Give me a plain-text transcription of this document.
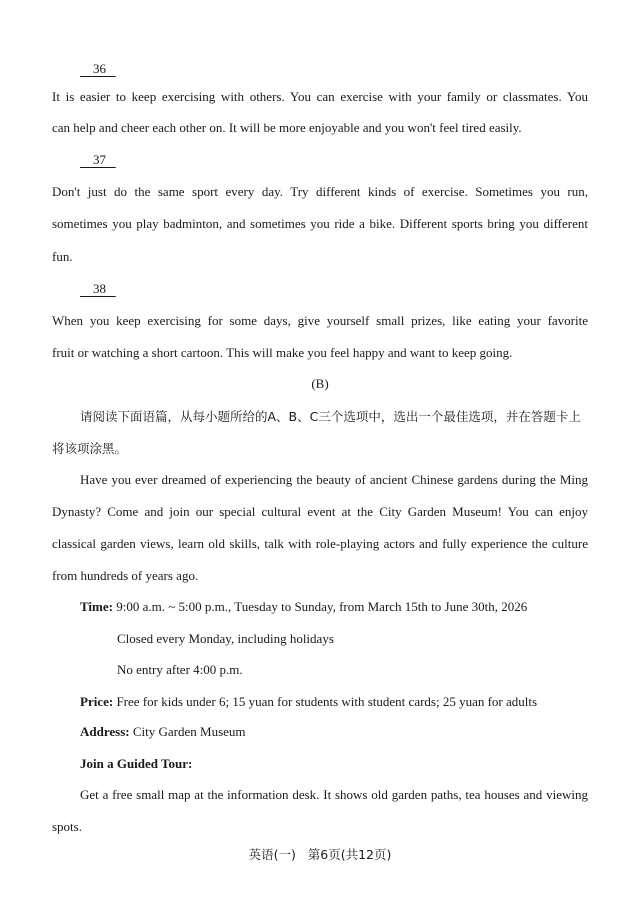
36
It is easier to keep exercising with others. You can exercise with your family or classmates. You
can help and cheer each other on. It will be more enjoyable and you won't feel tired easily.
37
Don't just do the same sport every day. Try different kinds of exercise. Sometimes you run,
sometimes you play badminton, and sometimes you ride a bike. Different sports bring you different
fun.
38
When you keep exercising for some days, give yourself small prizes, like eating your favorite
fruit or watching a short cartoon. This will make you feel happy and want to keep going.
(B)
请阅读下面语篇，从每小题所给的A、B、C三个选项中，选出一个最佳选项，并在答题卡上
将该项涂黑。
Have you ever dreamed of experiencing the beauty of ancient Chinese gardens during the Ming
Dynasty? Come and join our special cultural event at the City Garden Museum! You can enjoy
classical garden views, learn old skills, talk with role-playing actors and fully experience the culture
from hundreds of years ago.
Time: 9:00 a.m. ~ 5:00 p.m., Tuesday to Sunday, from March 15th to June 30th, 2026
Closed every Monday, including holidays
No entry after 4:00 p.m.
Price: Free for kids under 6; 15 yuan for students with student cards; 25 yuan for adults
Address: City Garden Museum
Join a Guided Tour:
Get a free small map at the information desk. It shows old garden paths, tea houses and viewing
spots.
英语(一)   第6页(共12页)
